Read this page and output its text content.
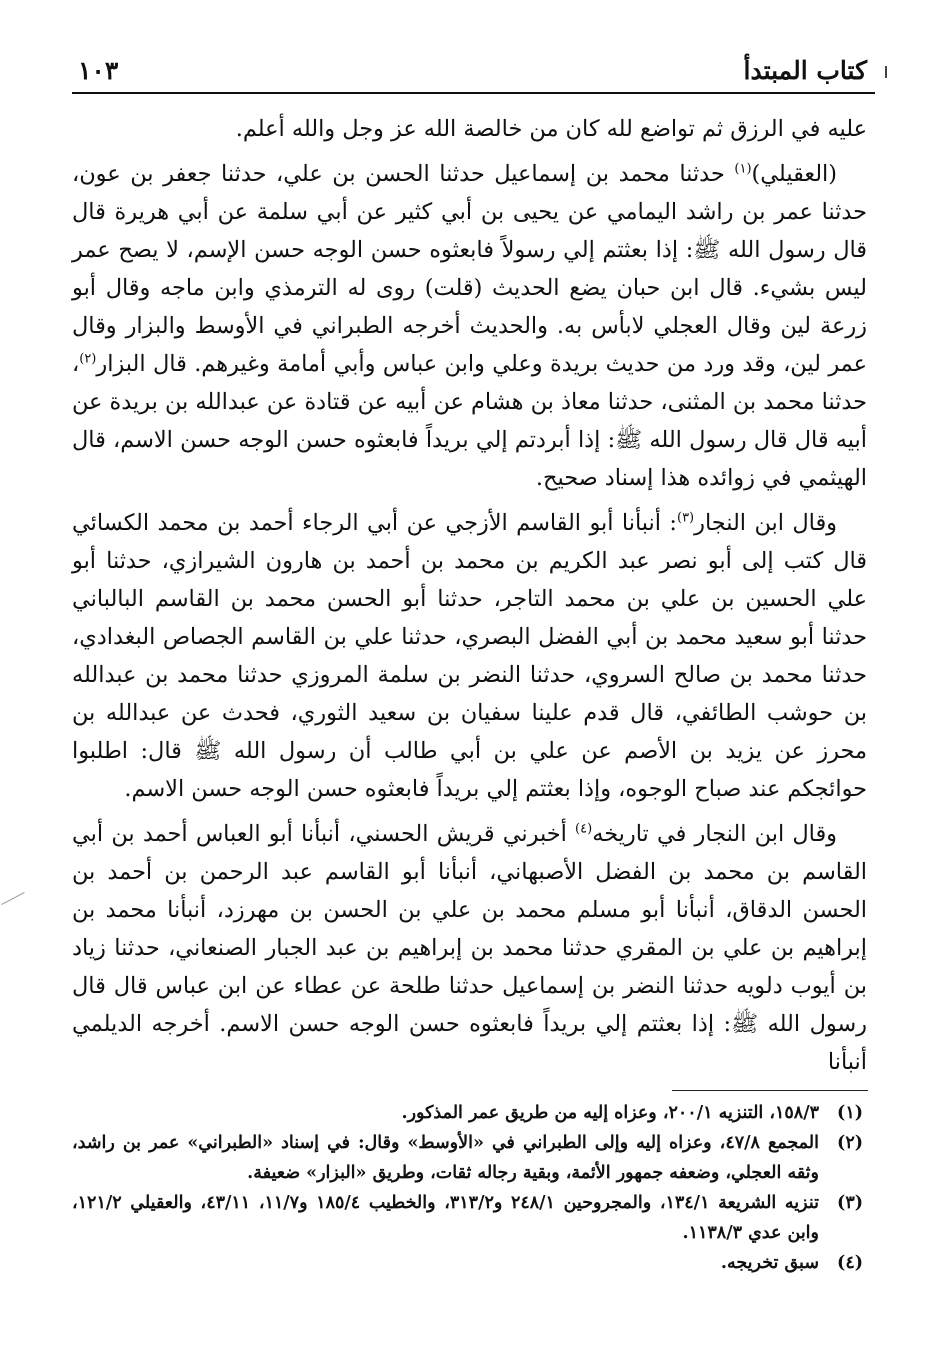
كتاب المبتدأ
١٠٣

عليه في الرزق ثم تواضع لله كان من خالصة الله عز وجل والله أعلم.

(العقيلي)$^{(١)}$ حدثنا محمد بن إسماعيل حدثنا الحسن بن علي، حدثنا جعفر بن عون، حدثنا عمر بن راشد اليمامي عن يحيى بن أبي كثير عن أبي سلمة عن أبي هريرة قال قال رسول الله ﷺ: إذا بعثتم إلي رسولاً فابعثوه حسن الوجه حسن الإسم، لا يصح عمر ليس بشيء. قال ابن حبان يضع الحديث (قلت) روى له الترمذي وابن ماجه وقال أبو زرعة لين وقال العجلي لابأس به. والحديث أخرجه الطبراني في الأوسط والبزار وقال عمر لين، وقد ورد من حديث بريدة وعلي وابن عباس وأبي أمامة وغيرهم. قال البزار$^{(٢)}$، حدثنا محمد بن المثنى، حدثنا معاذ بن هشام عن أبيه عن قتادة عن عبدالله بن بريدة عن أبيه قال قال رسول الله ﷺ: إذا أبردتم إلي بريداً فابعثوه حسن الوجه حسن الاسم، قال الهيثمي في زوائده هذا إسناد صحيح.

وقال ابن النجار$^{(٣)}$: أنبأنا أبو القاسم الأزجي عن أبي الرجاء أحمد بن محمد الكسائي قال كتب إلى أبو نصر عبد الكريم بن محمد بن أحمد بن هارون الشيرازي، حدثنا أبو علي الحسين بن علي بن محمد التاجر، حدثنا أبو الحسن محمد بن القاسم البالباني حدثنا أبو سعيد محمد بن أبي الفضل البصري، حدثنا علي بن القاسم الجصاص البغدادي، حدثنا محمد بن صالح السروي، حدثنا النضر بن سلمة المروزي حدثنا محمد بن عبدالله بن حوشب الطائفي، قال قدم علينا سفيان بن سعيد الثوري، فحدث عن عبدالله بن محرز عن يزيد بن الأصم عن علي بن أبي طالب أن رسول الله ﷺ قال: اطلبوا حوائجكم عند صباح الوجوه، وإذا بعثتم إلي بريداً فابعثوه حسن الوجه حسن الاسم.

وقال ابن النجار في تاريخه$^{(٤)}$ أخبرني قريش الحسني، أنبأنا أبو العباس أحمد بن أبي القاسم بن محمد بن الفضل الأصبهاني، أنبأنا أبو القاسم عبد الرحمن بن أحمد بن الحسن الدقاق، أنبأنا أبو مسلم محمد بن علي بن الحسن بن مهرزد، أنبأنا محمد بن إبراهيم بن علي بن المقري حدثنا محمد بن إبراهيم بن عبد الجبار الصنعاني، حدثنا زياد بن أيوب دلويه حدثنا النضر بن إسماعيل حدثنا طلحة عن عطاء عن ابن عباس قال قال رسول الله ﷺ: إذا بعثتم إلي بريداً فابعثوه حسن الوجه حسن الاسم. أخرجه الديلمي أنبأنا

(١)
١٥٨/٣، التنزيه ٢٠٠/١، وعزاه إليه من طريق عمر المذكور.
(٢)
المجمع ٤٧/٨، وعزاه إليه وإلى الطبراني في «الأوسط» وقال: في إسناد «الطبراني» عمر بن راشد، وثقه العجلي، وضعفه جمهور الأئمة، وبقية رجاله ثقات، وطريق «البزار» ضعيفة.
(٣)
تنزيه الشريعة ١٣٤/١، والمجروحين ٢٤٨/١ و٣١٣/٢، والخطيب ١٨٥/٤ و١١/٧، ٤٣/١١، والعقيلي ١٢١/٢، وابن عدي ١١٣٨/٣.
(٤)
سبق تخريجه.
